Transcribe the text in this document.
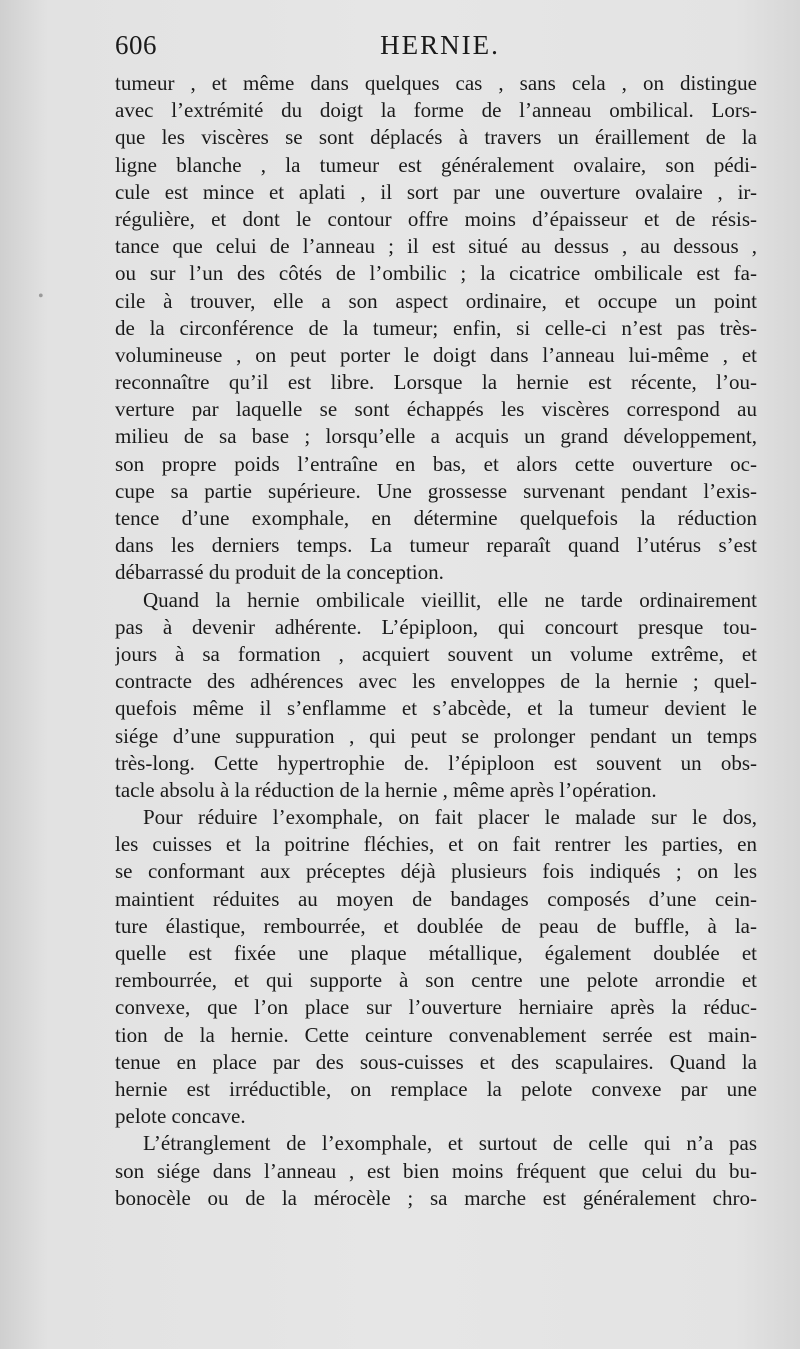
•
606	HERNIE.
tumeur , et même dans quelques cas , sans cela , on distingue
avec l’extrémité du doigt la forme de l’anneau ombilical. Lors-
que les viscères se sont déplacés à travers un éraillement de la
ligne blanche , la tumeur est généralement ovalaire, son pédi-
cule est mince et aplati , il sort par une ouverture ovalaire , ir-
régulière, et dont le contour offre moins d’épaisseur et de résis-
tance que celui de l’anneau ; il est situé au dessus , au dessous ,
ou sur l’un des côtés de l’ombilic ; la cicatrice ombilicale est fa-
cile à trouver, elle a son aspect ordinaire, et occupe un point
de la circonférence de la tumeur; enfin, si celle-ci n’est pas très-
volumineuse , on peut porter le doigt dans l’anneau lui-même , et
reconnaître qu’il est libre. Lorsque la hernie est récente, l’ou-
verture par laquelle se sont échappés les viscères correspond au
milieu de sa base ; lorsqu’elle a acquis un grand développement,
son propre poids l’entraîne en bas, et alors cette ouverture oc-
cupe sa partie supérieure. Une grossesse survenant pendant l’exis-
tence d’une exomphale, en détermine quelquefois la réduction
dans les derniers temps. La tumeur reparaît quand l’utérus s’est
débarrassé du produit de la conception.
Quand la hernie ombilicale vieillit, elle ne tarde ordinairement
pas à devenir adhérente. L’épiploon, qui concourt presque tou-
jours à sa formation , acquiert souvent un volume extrême, et
contracte des adhérences avec les enveloppes de la hernie ; quel-
quefois même il s’enflamme et s’abcède, et la tumeur devient le
siége d’une suppuration , qui peut se prolonger pendant un temps
très-long. Cette hypertrophie de. l’épiploon est souvent un obs-
tacle absolu à la réduction de la hernie , même après l’opération.
Pour réduire l’exomphale, on fait placer le malade sur le dos,
les cuisses et la poitrine fléchies, et on fait rentrer les parties, en
se conformant aux préceptes déjà plusieurs fois indiqués ; on les
maintient réduites au moyen de bandages composés d’une cein-
ture élastique, rembourrée, et doublée de peau de buffle, à la-
quelle est fixée une plaque métallique, également doublée et
rembourrée, et qui supporte à son centre une pelote arrondie et
convexe, que l’on place sur l’ouverture herniaire après la réduc-
tion de la hernie. Cette ceinture convenablement serrée est main-
tenue en place par des sous-cuisses et des scapulaires. Quand la
hernie est irréductible, on remplace la pelote convexe par une
pelote concave.
L’étranglement de l’exomphale, et surtout de celle qui n’a pas
son siége dans l’anneau , est bien moins fréquent que celui du bu-
bonocèle ou de la mérocèle ; sa marche est généralement chro-
